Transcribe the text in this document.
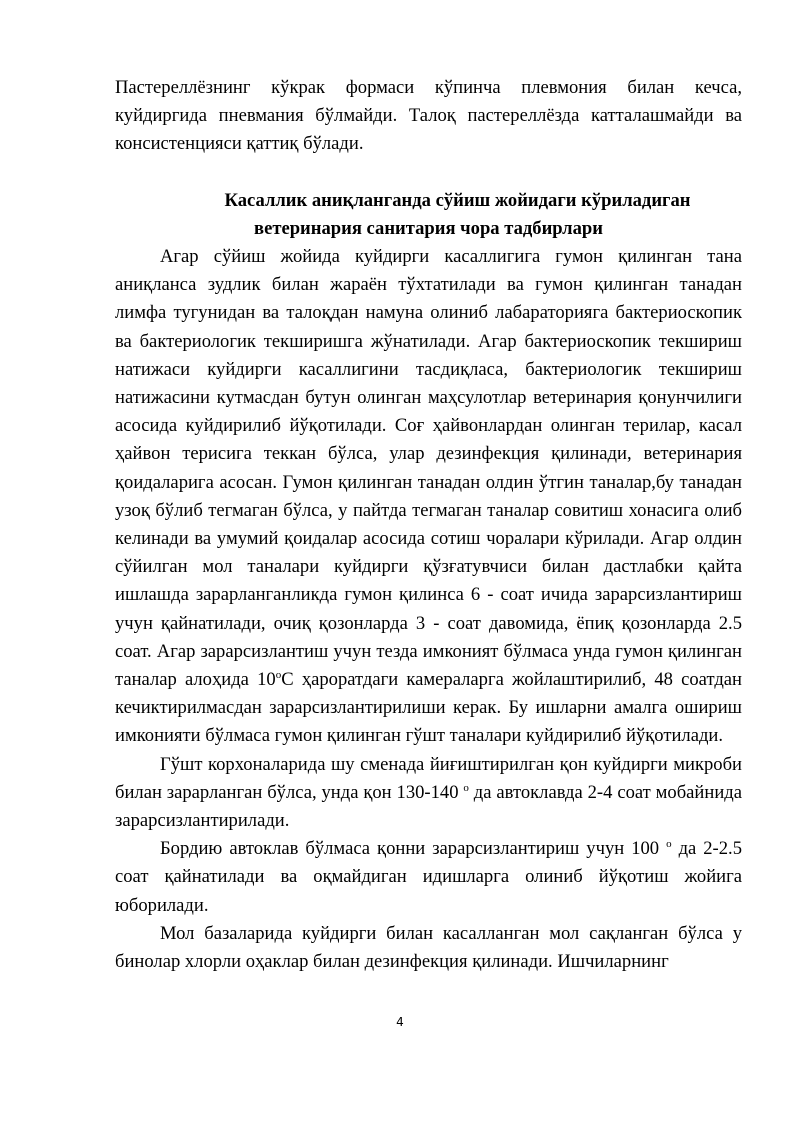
Пастереллёзнинг кўкрак формаси кўпинча плевмония билан кечса, куйдиргида пневмания бўлмайди. Талоқ пастереллёзда катталашмайди ва консистенцияси қаттиқ бўлади.

Касаллик аниқланганда сўйиш жойидаги кўриладиган
ветеринария санитария чора тадбирлари

Агар сўйиш жойида куйдирги касаллигига гумон қилинган тана аниқланса зудлик билан жараён тўхтатилади ва гумон қилинган танадан лимфа тугунидан ва талоқдан намуна олиниб лабараторияга бактериоскопик ва бактериологик текширишга жўнатилади. Агар бактериоскопик текшириш натижаси куйдирги касаллигини тасдиқласа, бактериологик текшириш натижасини кутмасдан бутун олинган маҳсулотлар ветеринария қонунчилиги асосида куйдирилиб йўқотилади. Соғ ҳайвонлардан олинган терилар, касал ҳайвон терисига теккан бўлса, улар дезинфекция қилинади, ветеринария қоидаларига асосан. Гумон қилинган танадан олдин ўтгин таналар,бу танадан узоқ бўлиб тегмаган бўлса, у пайтда тегмаган таналар совитиш хонасига олиб келинади ва умумий қоидалар асосида сотиш чоралари кўрилади. Агар олдин сўйилган мол таналари куйдирги қўзғатувчиси билан дастлабки қайта ишлашда зарарланганликда гумон қилинса 6 - соат ичида зарарсизлантириш учун қайнатилади, очиқ қозонларда 3 - соат давомида, ёпиқ қозонларда 2.5 соат. Агар зарарсизлантиш учун тезда имконият бўлмаса унда гумон қилинган таналар алоҳида $10^оС$ ҳароратдаги камераларга жойлаштирилиб, 48 соатдан кечиктирилмасдан зарарсизлантирилиши керак. Бу ишларни амалга ошириш имконияти бўлмаса гумон қилинган гўшт таналари куйдирилиб йўқотилади.

Гўшт корхоналарида шу сменада йиғиштирилган қон куйдирги микроби билан зарарланган бўлса, унда қон 130-140 $^о$ да автоклавда 2-4 соат мобайнида зарарсизлантирилади.

Бордию автоклав бўлмаса қонни зарарсизлантириш учун 100 $^о$ да 2-2.5 соат қайнатилади ва оқмайдиган идишларга олиниб йўқотиш жойига юборилади.

Мол базаларида куйдирги билан касалланган мол сақланган бўлса у бинолар хлорли оҳаклар билан дезинфекция қилинади. Ишчиларнинг

4
